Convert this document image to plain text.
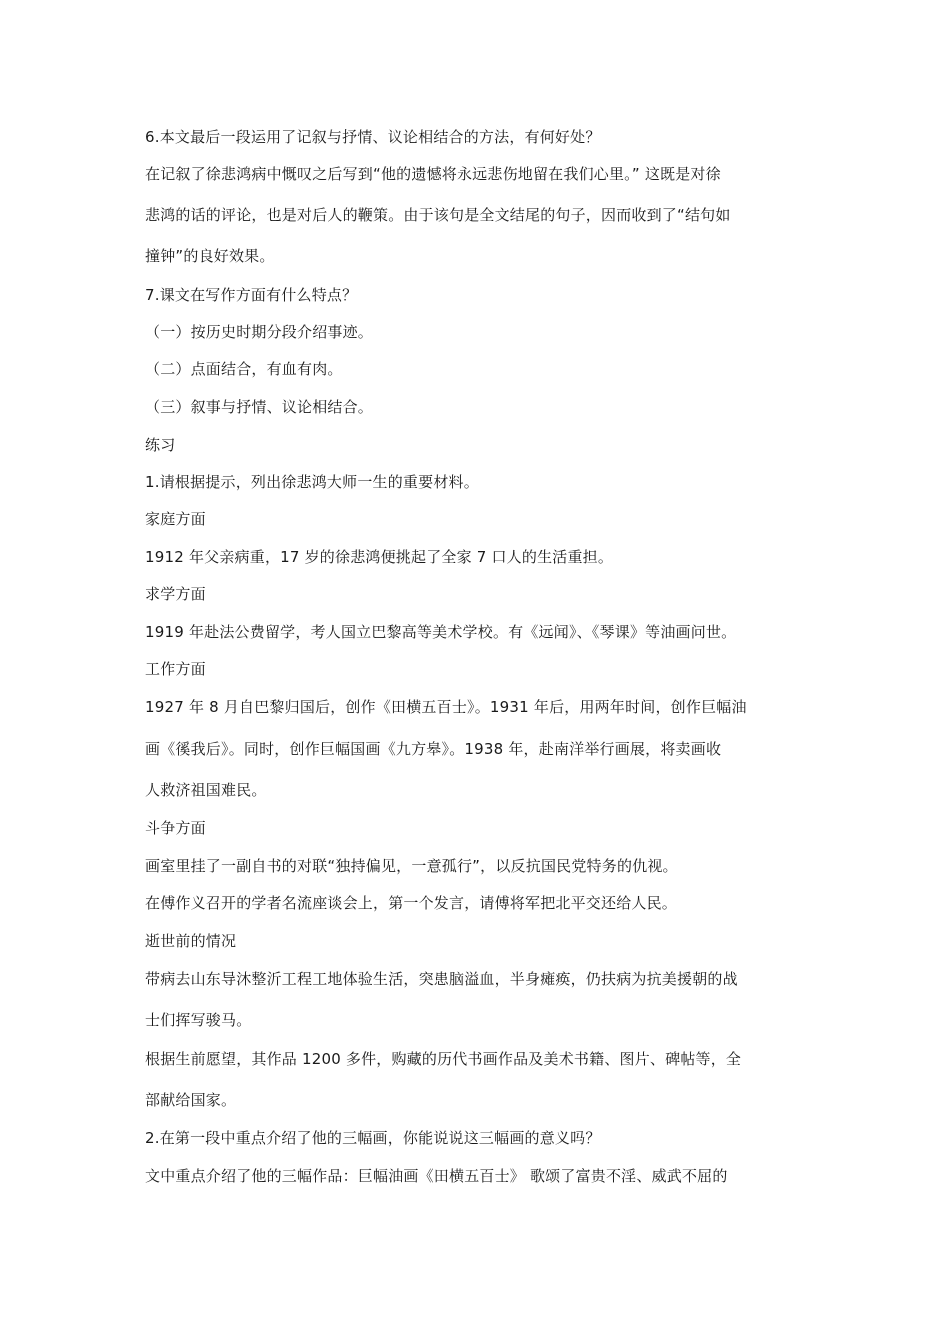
6.本文最后一段运用了记叙与抒情、议论相结合的方法，有何好处？
在记叙了徐悲鸿病中慨叹之后写到“他的遗憾将永远悲伤地留在我们心里。” 这既是对徐
悲鸿的话的评论，也是对后人的鞭策。由于该句是全文结尾的句子，因而收到了“结句如
撞钟”的良好效果。
7.课文在写作方面有什么特点？
（一）按历史时期分段介绍事迹。
（二）点面结合，有血有肉。
（三）叙事与抒情、议论相结合。
练习
1.请根据提示，列出徐悲鸿大师一生的重要材料。
家庭方面
1912 年父亲病重，17 岁的徐悲鸿便挑起了全家 7 口人的生活重担。
求学方面
1919 年赴法公费留学，考人国立巴黎高等美术学校。有《远闻》、《琴课》等油画问世。
工作方面
1927 年 8 月自巴黎归国后，创作《田横五百士》。1931 年后，用两年时间，创作巨幅油
画《徯我后》。同时，创作巨幅国画《九方皋》。1938 年，赴南洋举行画展，将卖画收
人救济祖国难民。
斗争方面
画室里挂了一副自书的对联“独持偏见，一意孤行”，以反抗国民党特务的仇视。
在傅作义召开的学者名流座谈会上，第一个发言，请傅将军把北平交还给人民。
逝世前的情况
带病去山东导沐整沂工程工地体验生活，突患脑溢血，半身瘫痪，仍扶病为抗美援朝的战
士们挥写骏马。
根据生前愿望，其作品 1200 多件，购藏的历代书画作品及美术书籍、图片、碑帖等，全
部献给国家。
2.在第一段中重点介绍了他的三幅画，你能说说这三幅画的意义吗？
文中重点介绍了他的三幅作品：巨幅油画《田横五百士》 歌颂了富贵不淫、威武不屈的
